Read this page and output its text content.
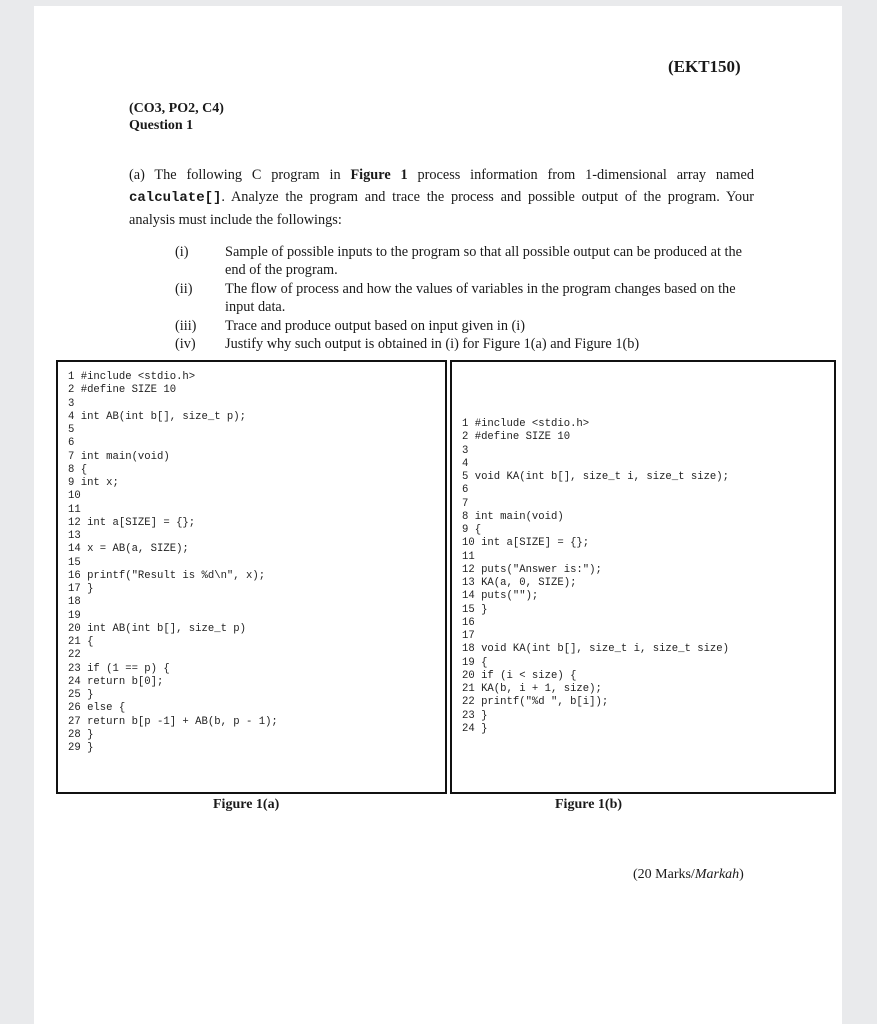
(EKT150)
(CO3, PO2, C4)
Question 1
(a) The following C program in Figure 1 process information from 1-dimensional array named calculate[]. Analyze the program and trace the process and possible output of the program. Your analysis must include the followings:
(i)	Sample of possible inputs to the program so that all possible output can be produced at the end of the program.
(ii) The flow of process and how the values of variables in the program changes based on the input data.
(iii) Trace and produce output based on input given in (i)
(iv) Justify why such output is obtained in (i) for Figure 1(a) and Figure 1(b)
1 #include <stdio.h>
2 #define SIZE 10
3
4 int AB(int b[], size_t p);
5
6
7 int main(void)
8 {
9 int x;
10
11
12 int a[SIZE] = {};
13
14 x = AB(a, SIZE);
15
16 printf("Result is %d\n", x);
17 }
18
19
20 int AB(int b[], size_t p)
21 {
22
23 if (1 == p) {
24 return b[0];
25 }
26 else {
27 return b[p -1] + AB(b, p - 1);
28 }
29 }
1 #include <stdio.h>
2 #define SIZE 10
3
4
5 void KA(int b[], size_t i, size_t size);
6
7
8 int main(void)
9 {
10 int a[SIZE] = {};
11
12 puts("Answer is:");
13 KA(a, 0, SIZE);
14 puts("");
15 }
16
17
18 void KA(int b[], size_t i, size_t size)
19 {
20 if (i < size) {
21 KA(b, i + 1, size);
22 printf("%d ", b[i]);
23 }
24 }
Figure 1(a)	Figure 1(b)
(20 Marks/Markah)
